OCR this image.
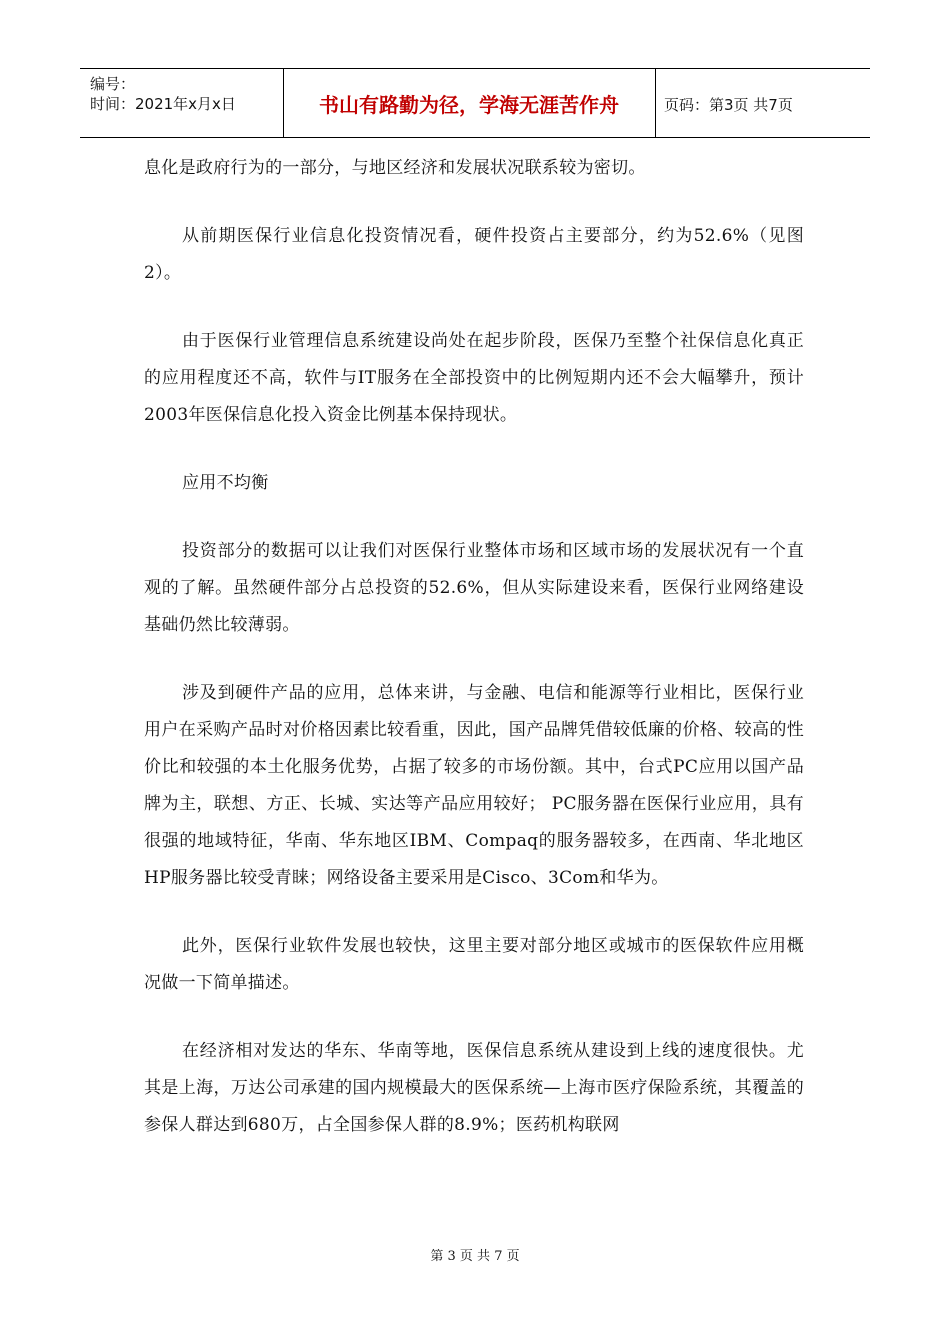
编号：
时间：2021年x月x日	书山有路勤为径，学海无涯苦作舟	页码：第3页 共7页

息化是政府行为的一部分，与地区经济和发展状况联系较为密切。

从前期医保行业信息化投资情况看，硬件投资占主要部分，约为52.6%（见图2）。

由于医保行业管理信息系统建设尚处在起步阶段，医保乃至整个社保信息化真正的应用程度还不高，软件与IT服务在全部投资中的比例短期内还不会大幅攀升，预计2003年医保信息化投入资金比例基本保持现状。

应用不均衡

投资部分的数据可以让我们对医保行业整体市场和区域市场的发展状况有一个直观的了解。虽然硬件部分占总投资的52.6%，但从实际建设来看，医保行业网络建设基础仍然比较薄弱。

涉及到硬件产品的应用，总体来讲，与金融、电信和能源等行业相比，医保行业用户在采购产品时对价格因素比较看重，因此，国产品牌凭借较低廉的价格、较高的性价比和较强的本土化服务优势，占据了较多的市场份额。其中，台式PC应用以国产品牌为主，联想、方正、长城、实达等产品应用较好； PC服务器在医保行业应用，具有很强的地域特征，华南、华东地区IBM、Compaq的服务器较多，在西南、华北地区HP服务器比较受青睐；网络设备主要采用是Cisco、3Com和华为。

此外，医保行业软件发展也较快，这里主要对部分地区或城市的医保软件应用概况做一下简单描述。

在经济相对发达的华东、华南等地，医保信息系统从建设到上线的速度很快。尤其是上海，万达公司承建的国内规模最大的医保系统—上海市医疗保险系统，其覆盖的参保人群达到680万，占全国参保人群的8.9%；医药机构联网

第 3 页 共 7 页
